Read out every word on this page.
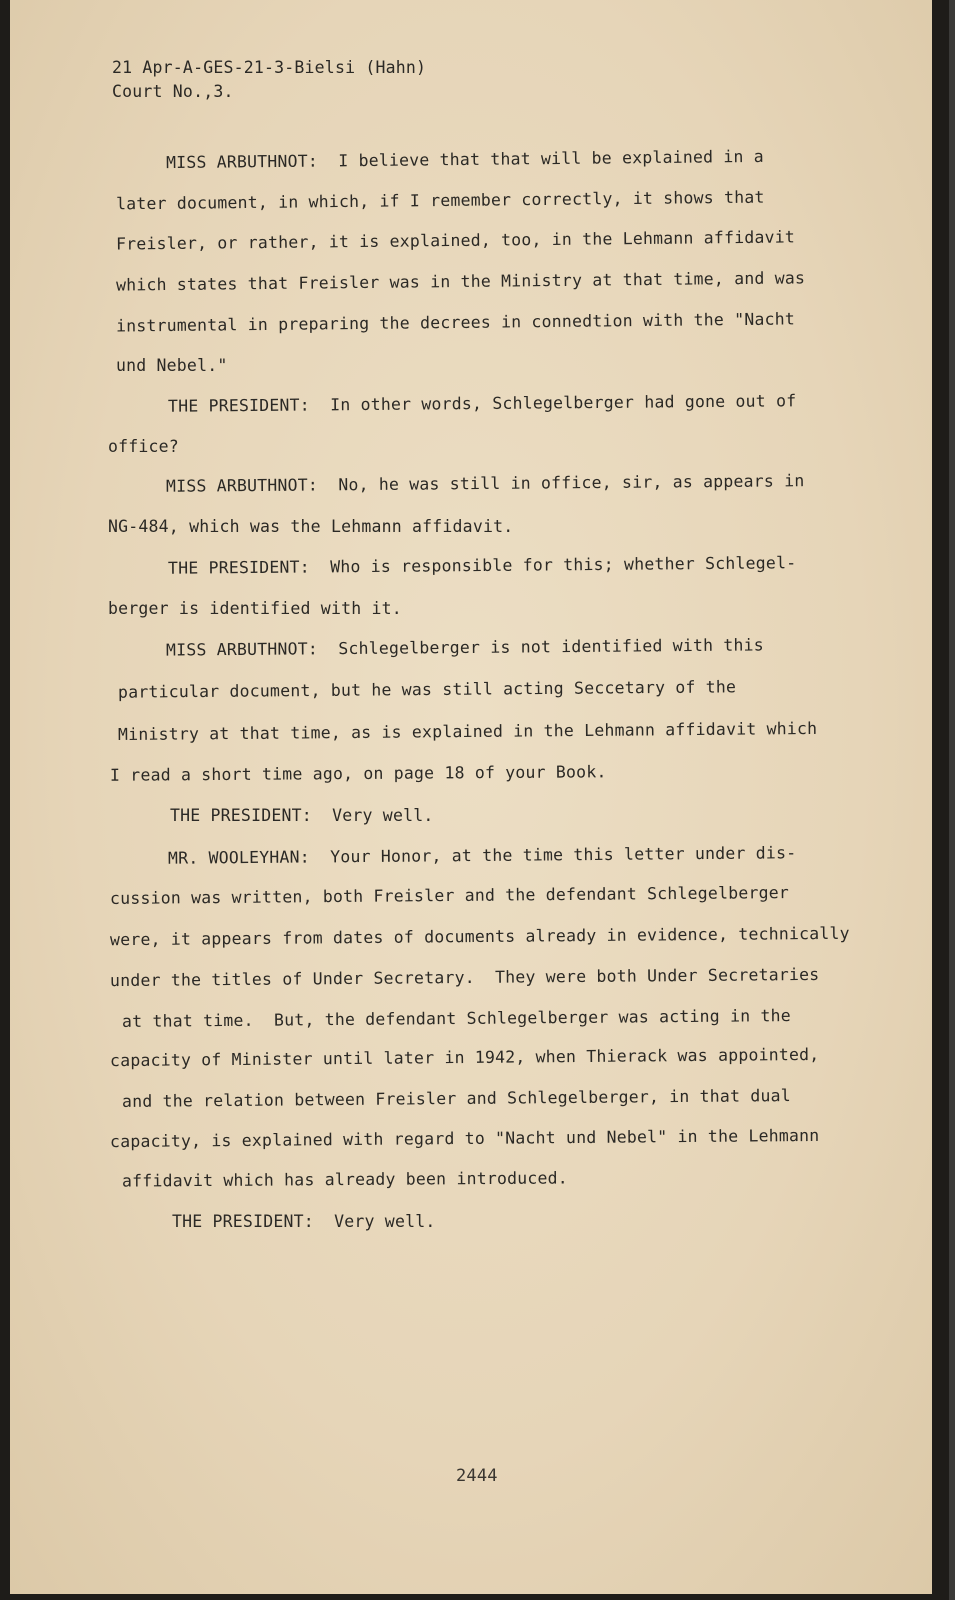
21 Apr-A-GES-21-3-Bielsi (Hahn)
Court No.,3.
MISS ARBUTHNOT:  I believe that that will be explained in a
later document, in which, if I remember correctly, it shows that
Freisler, or rather, it is explained, too, in the Lehmann affidavit
which states that Freisler was in the Ministry at that time, and was
instrumental in preparing the decrees in connedtion with the "Nacht
und Nebel."
THE PRESIDENT:  In other words, Schlegelberger had gone out of
office?
MISS ARBUTHNOT:  No, he was still in office, sir, as appears in
NG-484, which was the Lehmann affidavit.
THE PRESIDENT:  Who is responsible for this; whether Schlegel-
berger is identified with it.
MISS ARBUTHNOT:  Schlegelberger is not identified with this
particular document, but he was still acting Seccetary of the
Ministry at that time, as is explained in the Lehmann affidavit which
I read a short time ago, on page 18 of your Book.
THE PRESIDENT:  Very well.
MR. WOOLEYHAN:  Your Honor, at the time this letter under dis-
cussion was written, both Freisler and the defendant Schlegelberger
were, it appears from dates of documents already in evidence, technically
under the titles of Under Secretary.  They were both Under Secretaries
at that time.  But, the defendant Schlegelberger was acting in the
capacity of Minister until later in 1942, when Thierack was appointed,
and the relation between Freisler and Schlegelberger, in that dual
capacity, is explained with regard to "Nacht und Nebel" in the Lehmann
affidavit which has already been introduced.
THE PRESIDENT:  Very well.
2444
